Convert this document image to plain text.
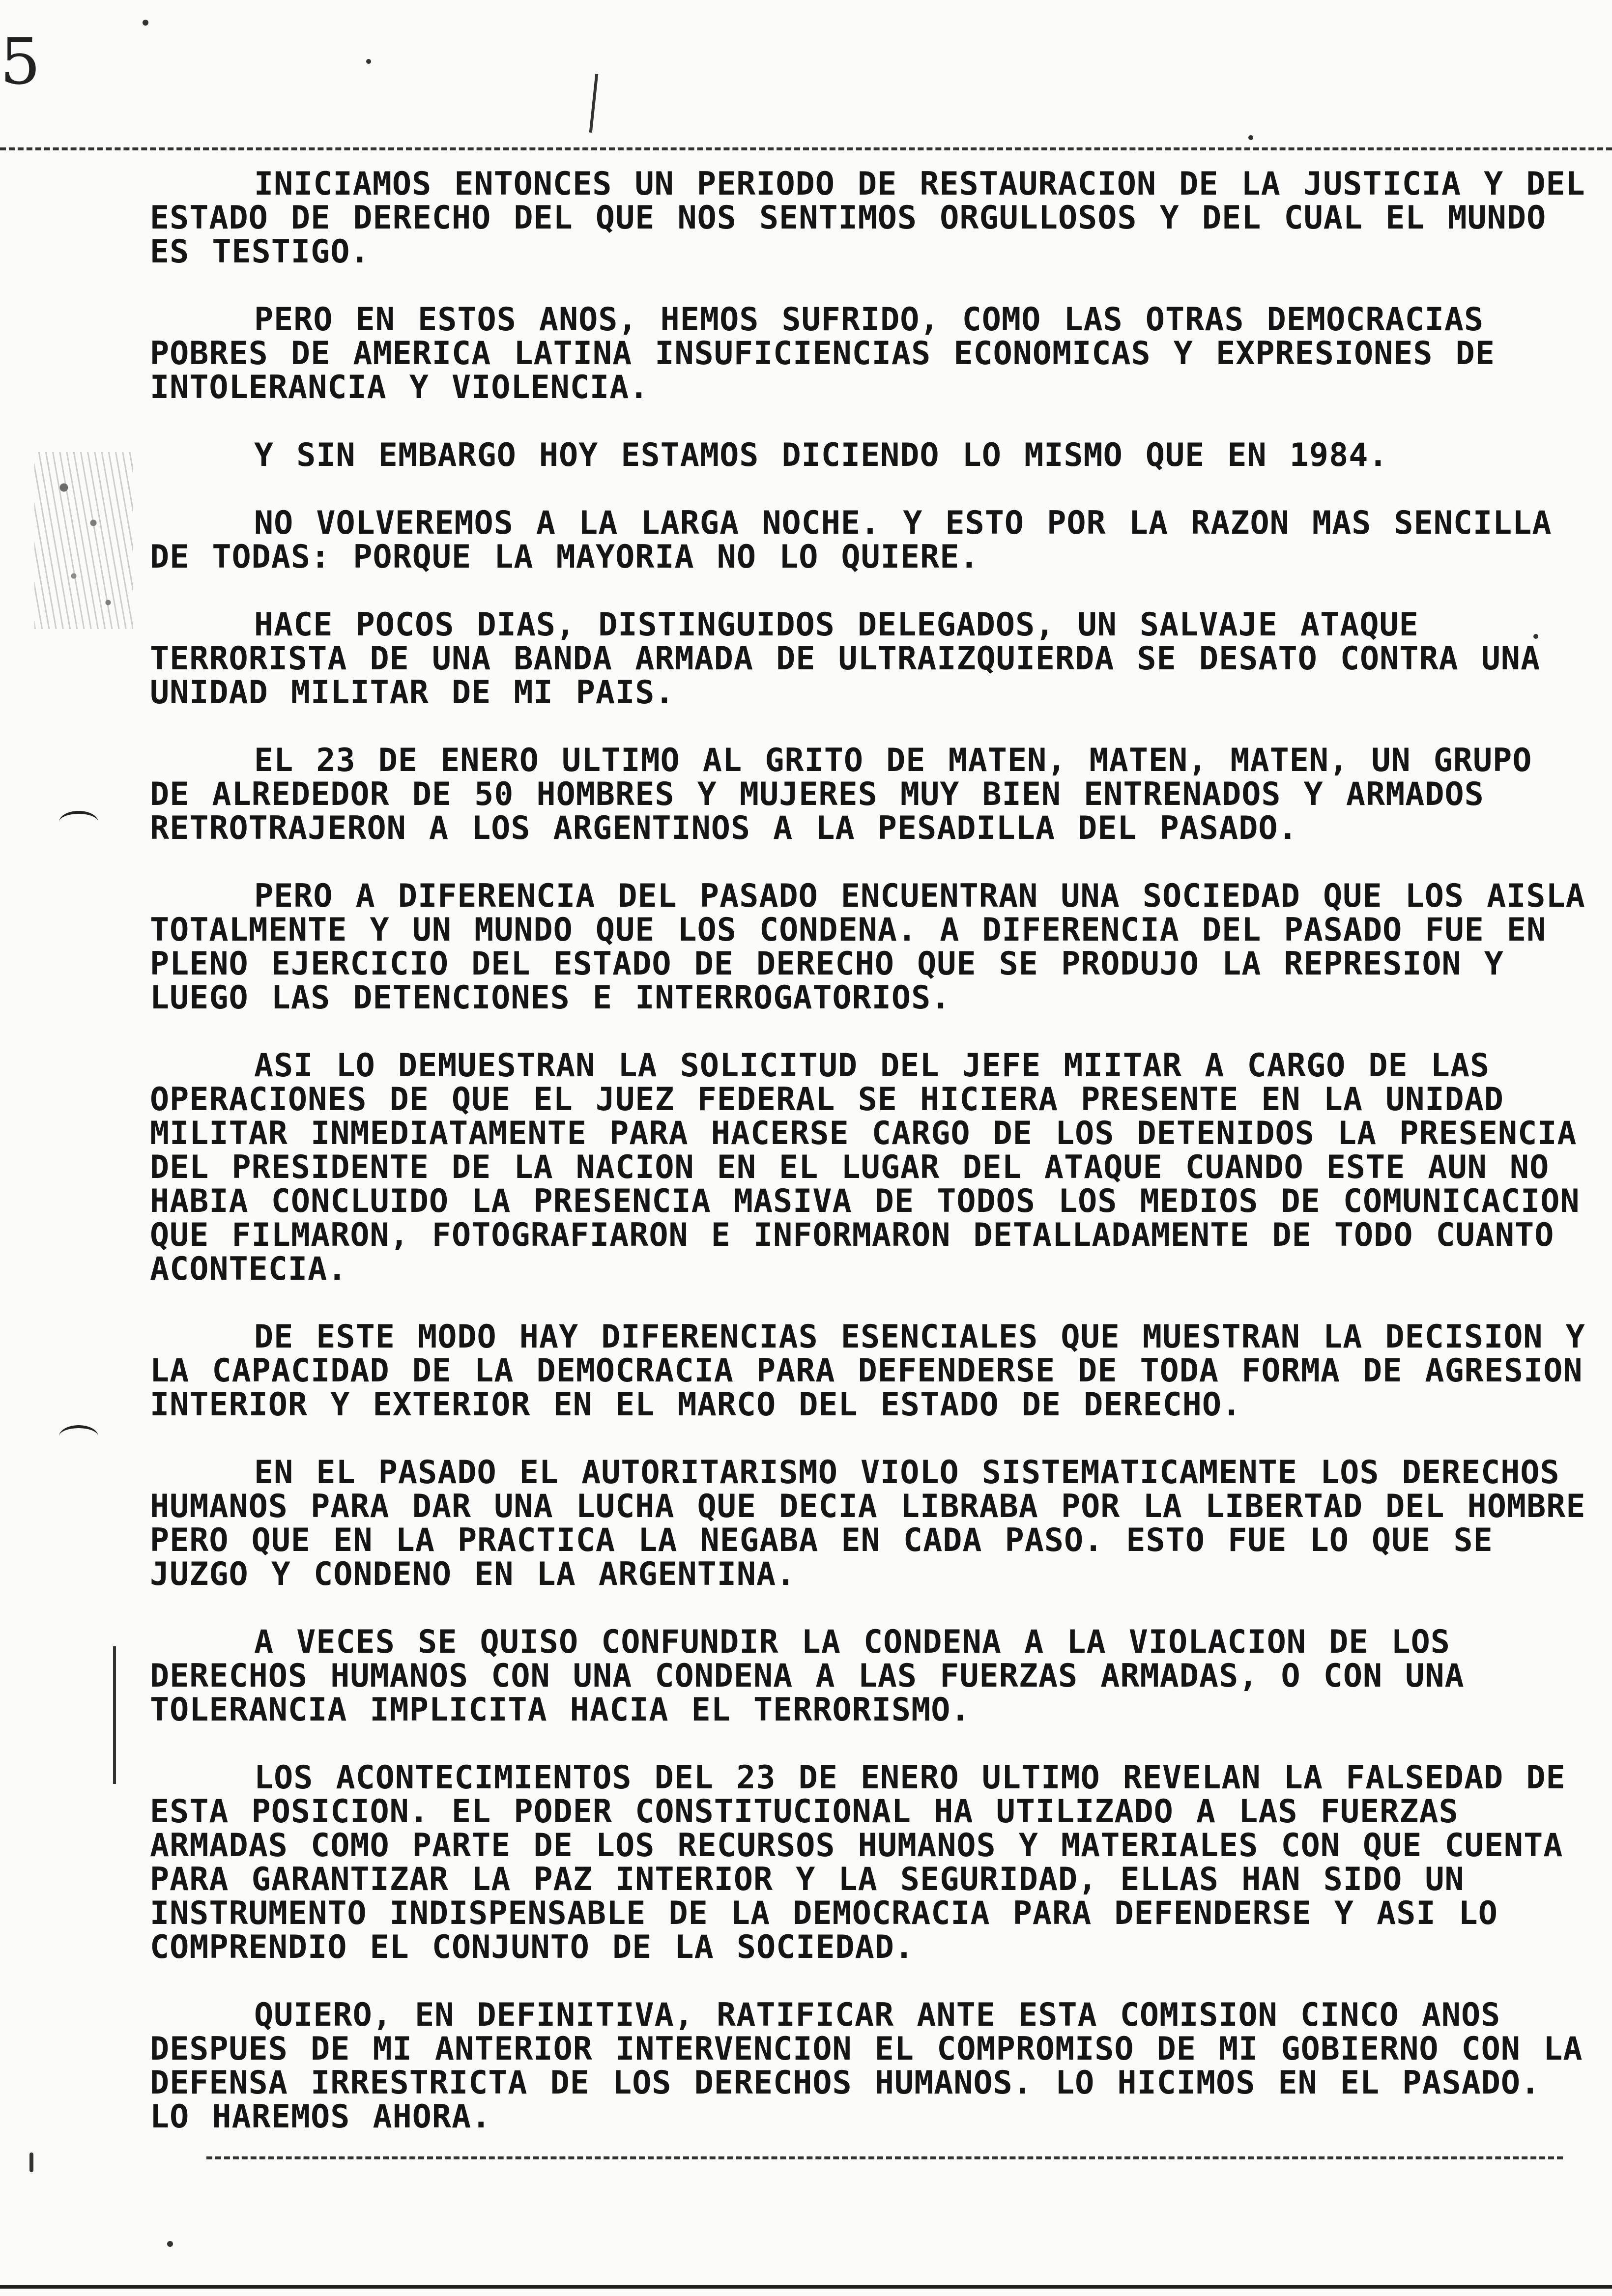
5

INICIAMOS ENTONCES UN PERIODO DE RESTAURACION DE LA JUSTICIA Y DEL ESTADO DE DERECHO DEL QUE NOS SENTIMOS ORGULLOSOS Y DEL CUAL EL MUNDO ES TESTIGO.

PERO EN ESTOS ANOS, HEMOS SUFRIDO, COMO LAS OTRAS DEMOCRACIAS POBRES DE AMERICA LATINA INSUFICIENCIAS ECONOMICAS Y EXPRESIONES DE INTOLERANCIA Y VIOLENCIA.

Y SIN EMBARGO HOY ESTAMOS DICIENDO LO MISMO QUE EN 1984.

NO VOLVEREMOS A LA LARGA NOCHE. Y ESTO POR LA RAZON MAS SENCILLA DE TODAS: PORQUE LA MAYORIA NO LO QUIERE.

HACE POCOS DIAS, DISTINGUIDOS DELEGADOS, UN SALVAJE ATAQUE TERRORISTA DE UNA BANDA ARMADA DE ULTRAIZQUIERDA SE DESATO CONTRA UNA UNIDAD MILITAR DE MI PAIS.

EL 23 DE ENERO ULTIMO AL GRITO DE MATEN, MATEN, MATEN, UN GRUPO DE ALREDEDOR DE 50 HOMBRES Y MUJERES MUY BIEN ENTRENADOS Y ARMADOS RETROTRAJERON A LOS ARGENTINOS A LA PESADILLA DEL PASADO.

PERO A DIFERENCIA DEL PASADO ENCUENTRAN UNA SOCIEDAD QUE LOS AISLA TOTALMENTE Y UN MUNDO QUE LOS CONDENA. A DIFERENCIA DEL PASADO FUE EN PLENO EJERCICIO DEL ESTADO DE DERECHO QUE SE PRODUJO LA REPRESION Y LUEGO LAS DETENCIONES E INTERROGATORIOS.

ASI LO DEMUESTRAN LA SOLICITUD DEL JEFE MIITAR A CARGO DE LAS OPERACIONES DE QUE EL JUEZ FEDERAL SE HICIERA PRESENTE EN LA UNIDAD MILITAR INMEDIATAMENTE PARA HACERSE CARGO DE LOS DETENIDOS LA PRESENCIA DEL PRESIDENTE DE LA NACION EN EL LUGAR DEL ATAQUE CUANDO ESTE AUN NO HABIA CONCLUIDO LA PRESENCIA MASIVA DE TODOS LOS MEDIOS DE COMUNICACION QUE FILMARON, FOTOGRAFIARON E INFORMARON DETALLADAMENTE DE TODO CUANTO ACONTECIA.

DE ESTE MODO HAY DIFERENCIAS ESENCIALES QUE MUESTRAN LA DECISION Y LA CAPACIDAD DE LA DEMOCRACIA PARA DEFENDERSE DE TODA FORMA DE AGRESION INTERIOR Y EXTERIOR EN EL MARCO DEL ESTADO DE DERECHO.

EN EL PASADO EL AUTORITARISMO VIOLO SISTEMATICAMENTE LOS DERECHOS HUMANOS PARA DAR UNA LUCHA QUE DECIA LIBRABA POR LA LIBERTAD DEL HOMBRE PERO QUE EN LA PRACTICA LA NEGABA EN CADA PASO. ESTO FUE LO QUE SE JUZGO Y CONDENO EN LA ARGENTINA.

A VECES SE QUISO CONFUNDIR LA CONDENA A LA VIOLACION DE LOS DERECHOS HUMANOS CON UNA CONDENA A LAS FUERZAS ARMADAS, O CON UNA TOLERANCIA IMPLICITA HACIA EL TERRORISMO.

LOS ACONTECIMIENTOS DEL 23 DE ENERO ULTIMO REVELAN LA FALSEDAD DE ESTA POSICION. EL PODER CONSTITUCIONAL HA UTILIZADO A LAS FUERZAS ARMADAS COMO PARTE DE LOS RECURSOS HUMANOS Y MATERIALES CON QUE CUENTA PARA GARANTIZAR LA PAZ INTERIOR Y LA SEGURIDAD, ELLAS HAN SIDO UN INSTRUMENTO INDISPENSABLE DE LA DEMOCRACIA PARA DEFENDERSE Y ASI LO COMPRENDIO EL CONJUNTO DE LA SOCIEDAD.

QUIERO, EN DEFINITIVA, RATIFICAR ANTE ESTA COMISION CINCO ANOS DESPUES DE MI ANTERIOR INTERVENCION EL COMPROMISO DE MI GOBIERNO CON LA DEFENSA IRRESTRICTA DE LOS DERECHOS HUMANOS. LO HICIMOS EN EL PASADO. LO HAREMOS AHORA.
